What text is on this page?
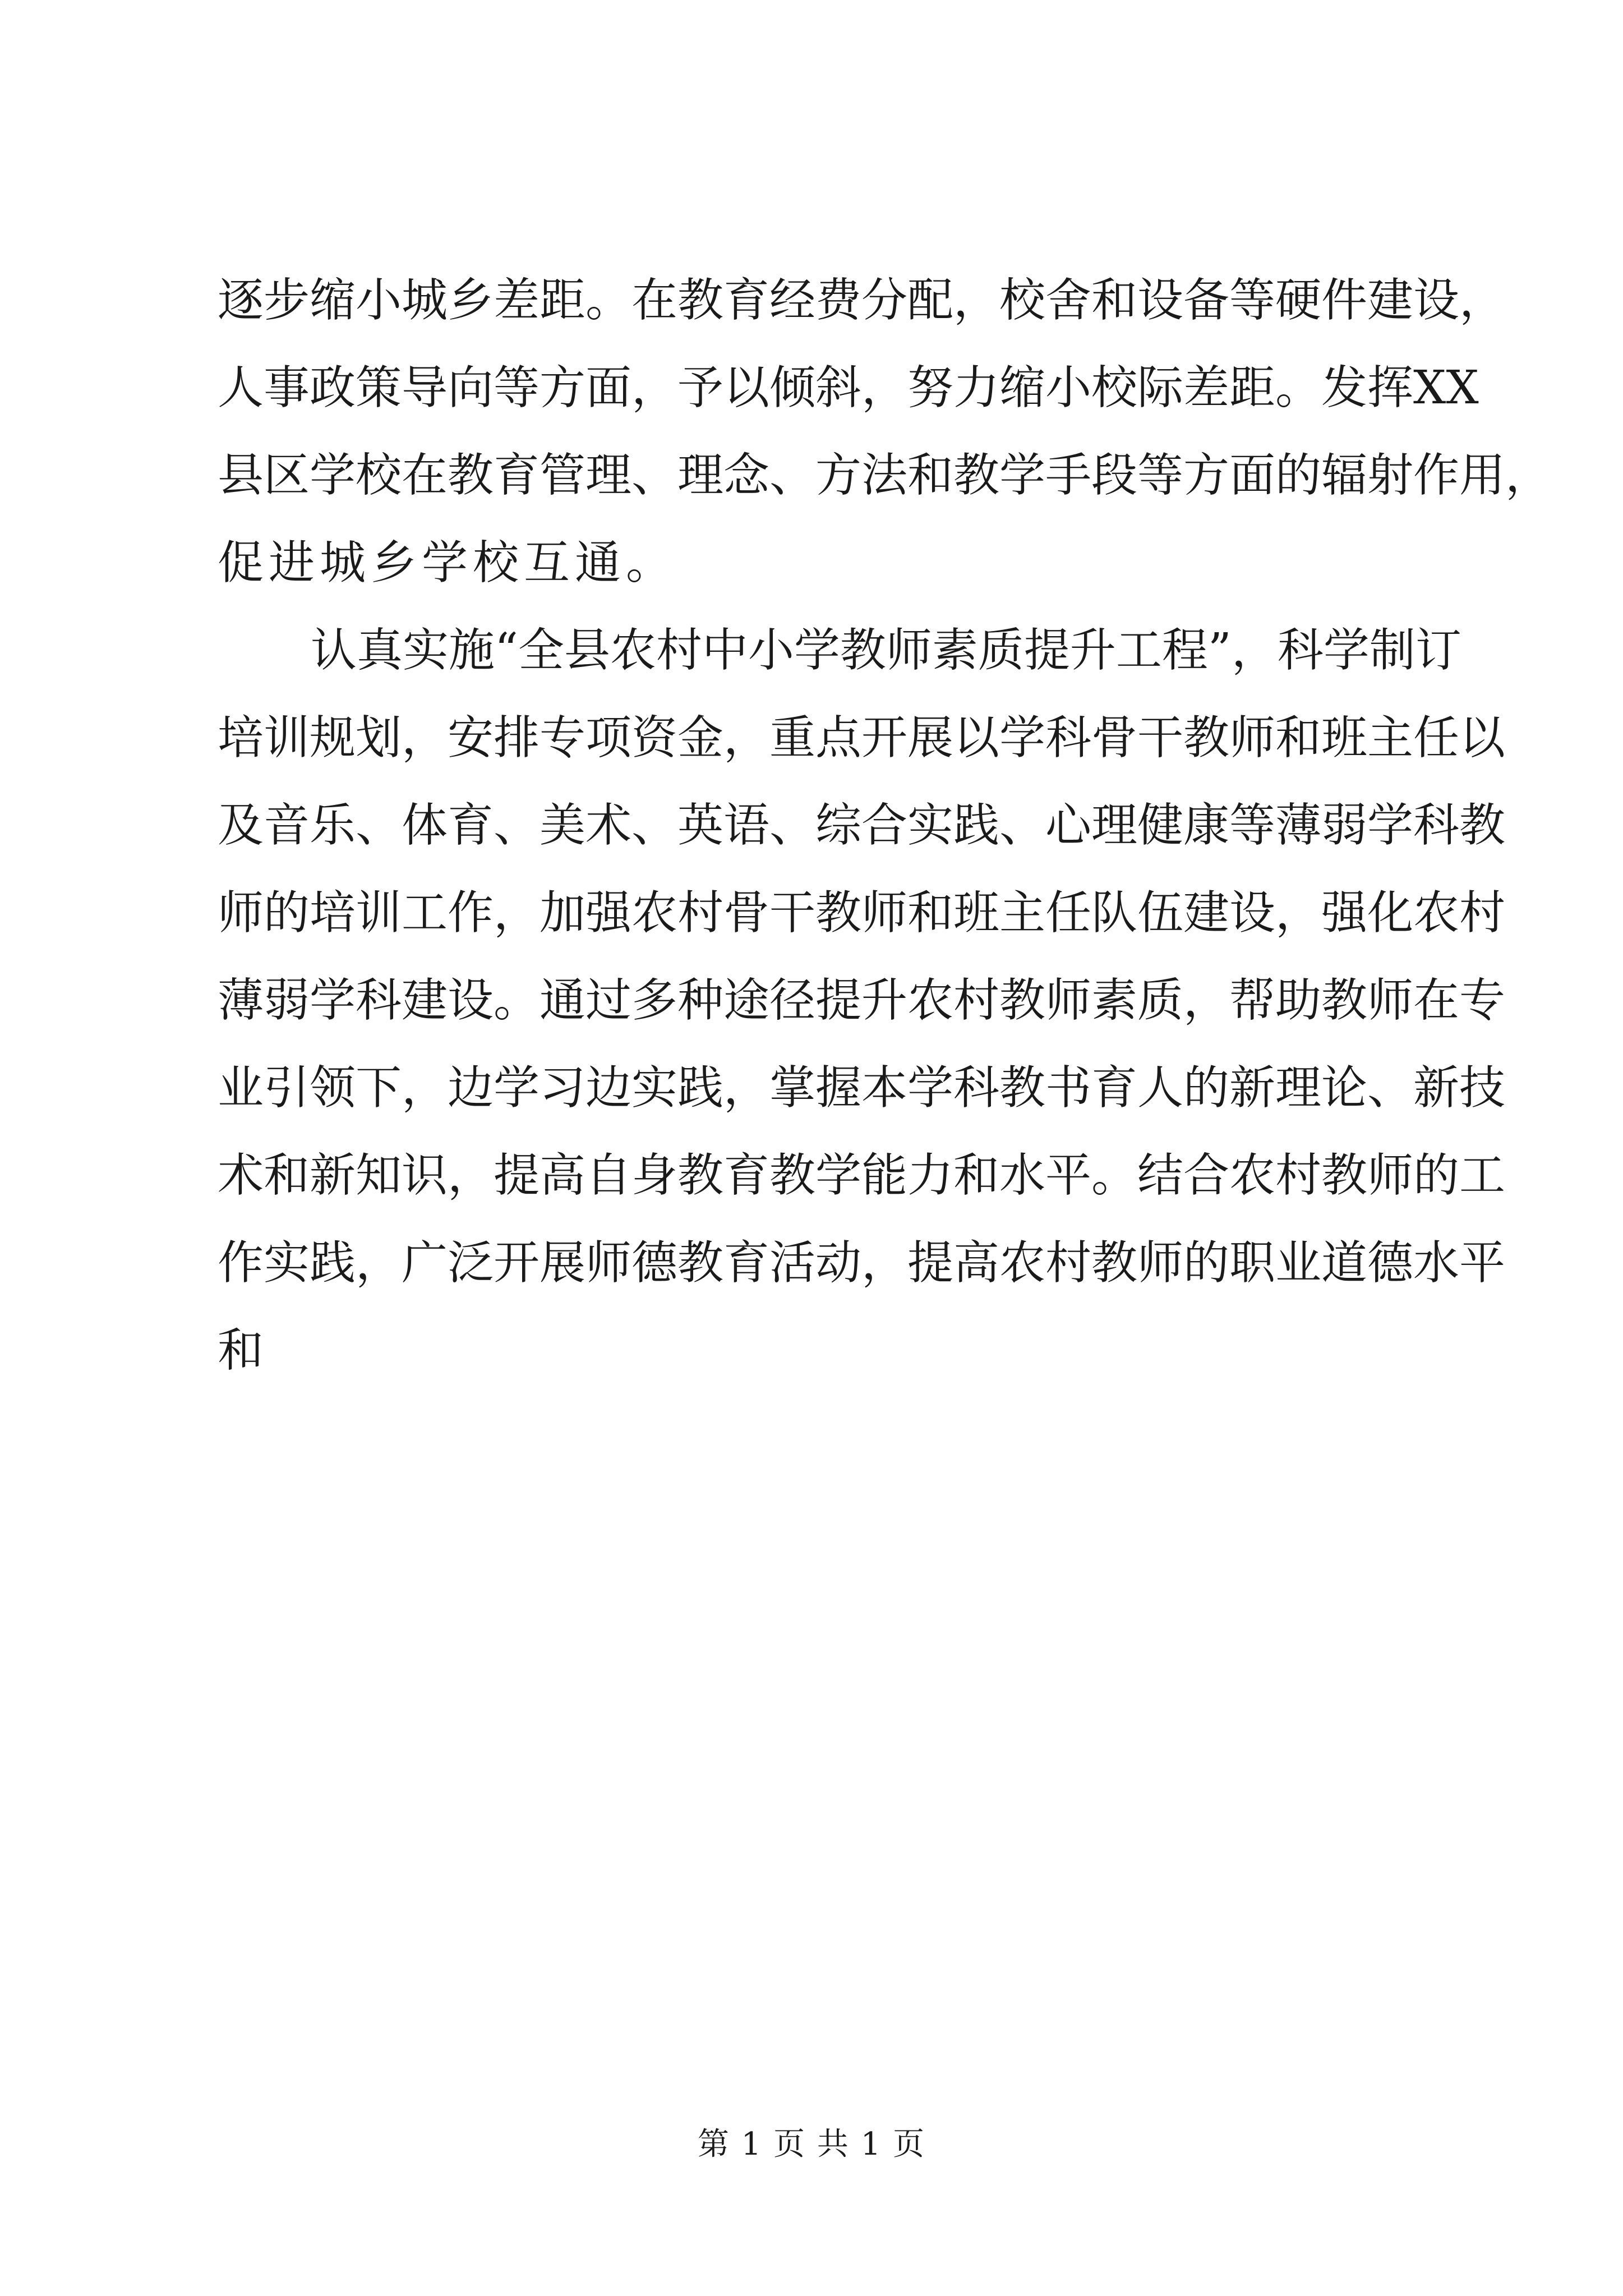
逐步缩小城乡差距。在教育经费分配，校舍和设备等硬件建设，
人事政策导向等方面，予以倾斜，努力缩小校际差距。发挥XX
县区学校在教育管理、理念、方法和教学手段等方面的辐射作用，
促进城乡学校互通。
认真实施“全县农村中小学教师素质提升工程”，科学制订
培训规划，安排专项资金，重点开展以学科骨干教师和班主任以
及音乐、体育、美术、英语、综合实践、心理健康等薄弱学科教
师的培训工作，加强农村骨干教师和班主任队伍建设，强化农村
薄弱学科建设。通过多种途径提升农村教师素质，帮助教师在专
业引领下，边学习边实践，掌握本学科教书育人的新理论、新技
术和新知识，提高自身教育教学能力和水平。结合农村教师的工
作实践，广泛开展师德教育活动，提高农村教师的职业道德水平
和
第 1 页 共 1 页
